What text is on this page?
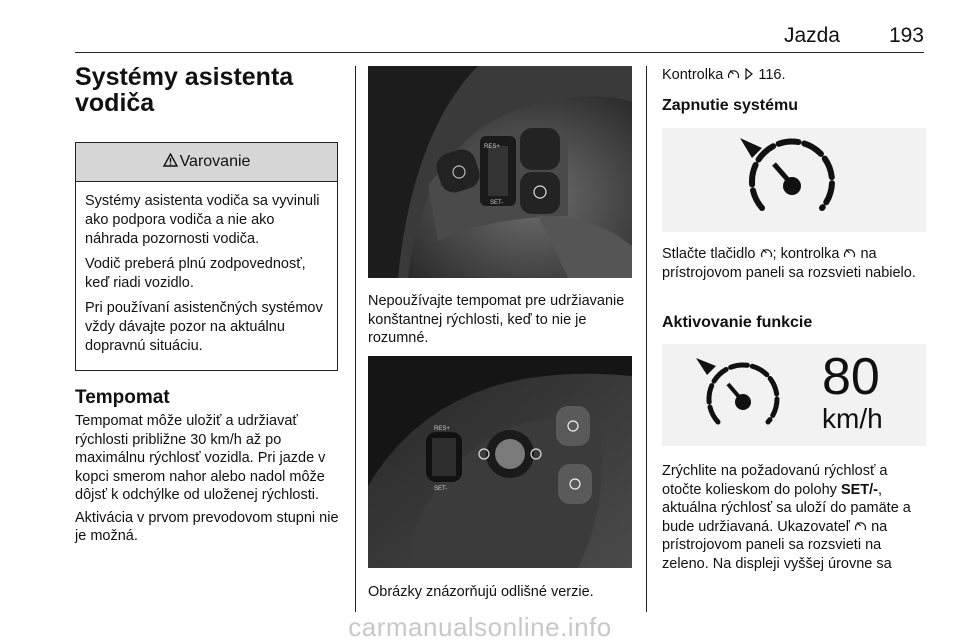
Jazda 193

Systémy asistenta
vodiča

Varovanie

Systémy asistenta vodiča sa vyvinuli ako podpora vodiča a nie ako náhrada pozornosti vodiča.

Vodič preberá plnú zodpovednosť, keď riadi vozidlo.

Pri používaní asistenčných systémov vždy dávajte pozor na aktuálnu dopravnú situáciu.

Tempomat

Tempomat môže uložiť a udržiavať rýchlosti približne 30 km/h až po maximálnu rýchlosť vozidla. Pri jazde v kopci smerom nahor alebo nadol môže dôjsť k odchýlke od uloženej rýchlosti.

Aktivácia v prvom prevodovom stupni nie je možná.

RES+
SET-
Nepoužívajte tempomat pre udržiavanie konštantnej rýchlosti, keď to nie je rozumné.
RES+
SET-
Obrázky znázorňujú odlišné verzie.
Kontrolka 116.
Zapnutie systému
Stlačte tlačidlo ; kontrolka  na prístrojovom paneli sa rozsvieti nabielo.
Aktivovanie funkcie
80
km/h
Zrýchlite na požadovanú rýchlosť a otočte kolieskom do polohy SET/-, aktuálna rýchlosť sa uloží do pamäte a bude udržiavaná. Ukazovateľ  na prístrojovom paneli sa rozsvieti na zeleno. Na displeji vyššej úrovne sa
carmanualsonline.info
